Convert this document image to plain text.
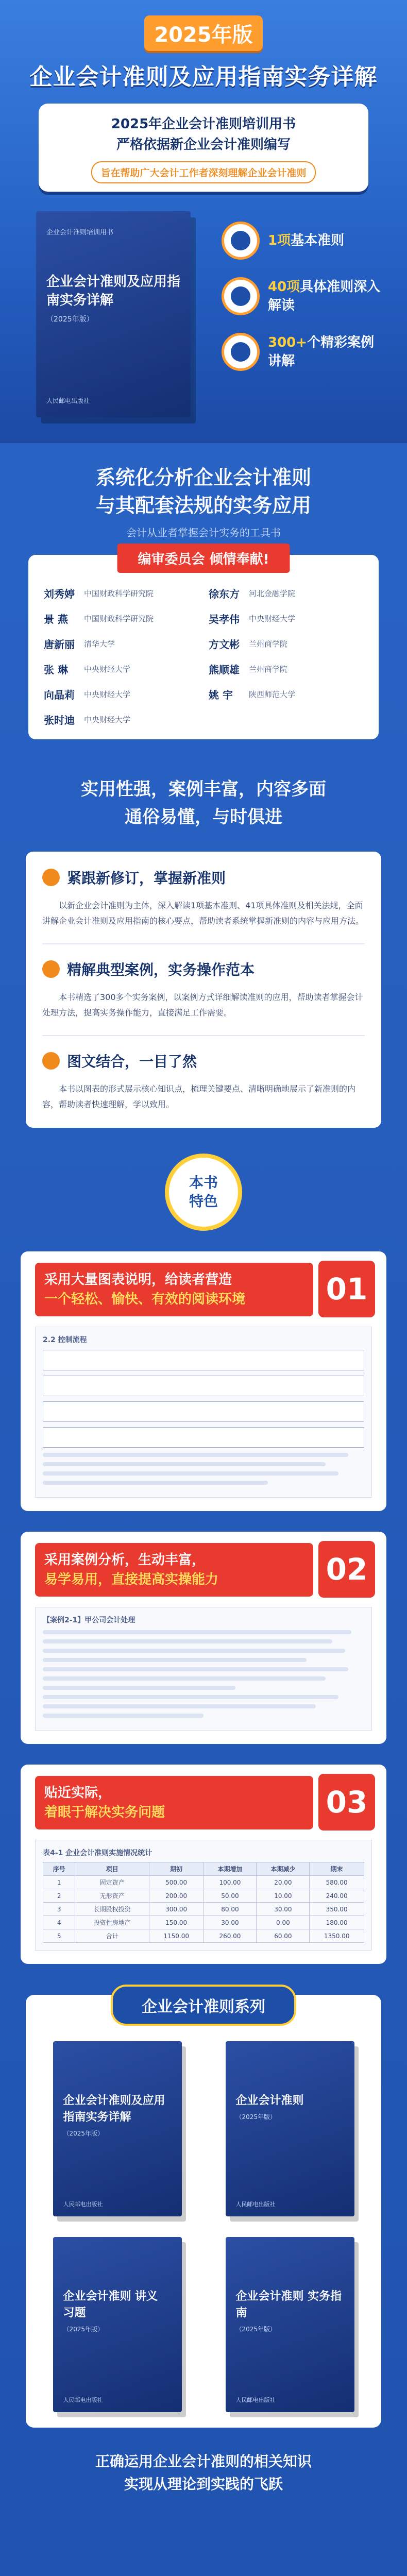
2025年版
企业会计准则及应用指南实务详解
2025年企业会计准则培训用书
严格依据新企业会计准则编写
旨在帮助广大会计工作者深刻理解企业会计准则
企业会计准则培训用书
企业会计准则及应用指南实务详解
（2025年版）
人民邮电出版社
1项基本准则
40项具体准则深入解读
300+个精彩案例讲解
系统化分析企业会计准则
与其配套法规的实务应用
会计从业者掌握会计实务的工具书
编审委员会 倾情奉献!
刘秀婷	中国财政科学研究院	徐东方	河北金融学院
景 燕	中国财政科学研究院	吴孝伟	中央财经大学
唐新丽	清华大学	方文彬	兰州商学院
张 琳	中央财经大学	熊顺雄	兰州商学院
向晶莉	中央财经大学	姚 宇	陕西师范大学
张时迪	中央财经大学
实用性强，案例丰富，内容多面
通俗易懂，与时俱进
紧跟新修订，掌握新准则
以新企业会计准则为主体，深入解读1项基本准则、41项具体准则及相关法规，全面讲解企业会计准则及应用指南的核心要点，帮助读者系统掌握新准则的内容与应用方法。
精解典型案例，实务操作范本
本书精选了300多个实务案例，以案例方式详细解读准则的应用，帮助读者掌握会计处理方法，提高实务操作能力，直接满足工作需要。
图文结合，一目了然
本书以图表的形式展示核心知识点，梳理关键要点、清晰明确地展示了新准则的内容，帮助读者快速理解，学以致用。
本书
特色
01
采用大量图表说明，给读者营造
一个轻松、愉快、有效的阅读环境
2.2 控制流程
02
采用案例分析，生动丰富，
易学易用，直接提高实操能力
【案例2-1】甲公司会计处理
03
贴近实际，
着眼于解决实务问题
表4-1 企业会计准则实施情况统计
序号	项目	期初	本期增加	本期减少	期末
1	固定资产	500.00	100.00	20.00	580.00
2	无形资产	200.00	50.00	10.00	240.00
3	长期股权投资	300.00	80.00	30.00	350.00
4	投资性房地产	150.00	30.00	0.00	180.00
5	合计	1150.00	260.00	60.00	1350.00
企业会计准则系列
企业会计准则及应用指南实务详解
（2025年版）
人民邮电出版社
企业会计准则
（2025年版）
人民邮电出版社
企业会计准则 讲义 习题
（2025年版）
人民邮电出版社
企业会计准则 实务指南
（2025年版）
人民邮电出版社
正确运用企业会计准则的相关知识
实现从理论到实践的飞跃
